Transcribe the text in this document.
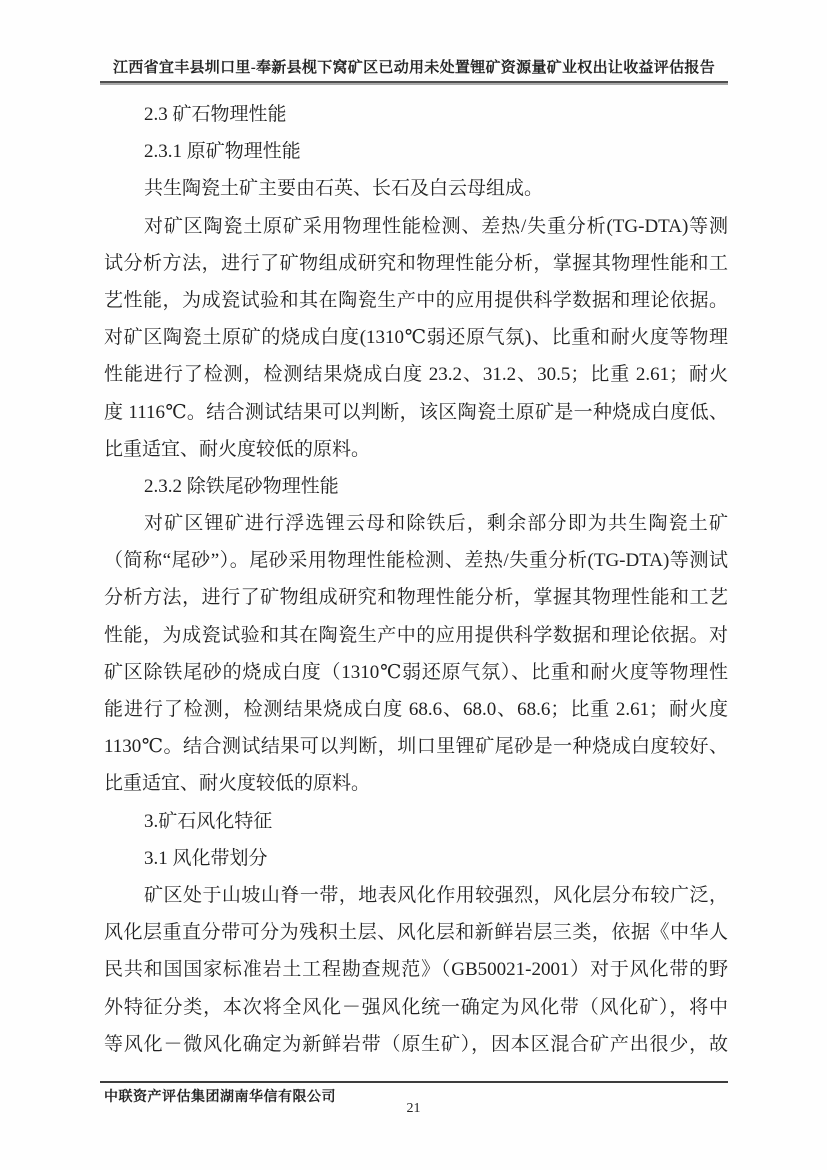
江西省宜丰县圳口里-奉新县枧下窝矿区已动用未处置锂矿资源量矿业权出让收益评估报告
2.3 矿石物理性能
2.3.1 原矿物理性能
共生陶瓷土矿主要由石英、长石及白云母组成。
对矿区陶瓷土原矿采用物理性能检测、差热/失重分析(TG-DTA)等测
试分析方法，进行了矿物组成研究和物理性能分析，掌握其物理性能和工
艺性能，为成瓷试验和其在陶瓷生产中的应用提供科学数据和理论依据。
对矿区陶瓷土原矿的烧成白度(1310℃弱还原气氛)、比重和耐火度等物理
性能进行了检测，检测结果烧成白度 23.2、31.2、30.5；比重 2.61；耐火
度 1116℃。结合测试结果可以判断，该区陶瓷土原矿是一种烧成白度低、
比重适宜、耐火度较低的原料。
2.3.2 除铁尾砂物理性能
对矿区锂矿进行浮选锂云母和除铁后，剩余部分即为共生陶瓷土矿
（简称“尾砂”）。尾砂采用物理性能检测、差热/失重分析(TG-DTA)等测试
分析方法，进行了矿物组成研究和物理性能分析，掌握其物理性能和工艺
性能，为成瓷试验和其在陶瓷生产中的应用提供科学数据和理论依据。对
矿区除铁尾砂的烧成白度（1310℃弱还原气氛）、比重和耐火度等物理性
能进行了检测，检测结果烧成白度 68.6、68.0、68.6；比重 2.61；耐火度
1130℃。结合测试结果可以判断，圳口里锂矿尾砂是一种烧成白度较好、
比重适宜、耐火度较低的原料。
3.矿石风化特征
3.1 风化带划分
矿区处于山坡山脊一带，地表风化作用较强烈，风化层分布较广泛，
风化层重直分带可分为残积土层、风化层和新鲜岩层三类，依据《中华人
民共和国国家标准岩土工程勘查规范》（GB50021-2001）对于风化带的野
外特征分类，本次将全风化－强风化统一确定为风化带（风化矿），将中
等风化－微风化确定为新鲜岩带（原生矿），因本区混合矿产出很少，故
中联资产评估集团湖南华信有限公司
21
